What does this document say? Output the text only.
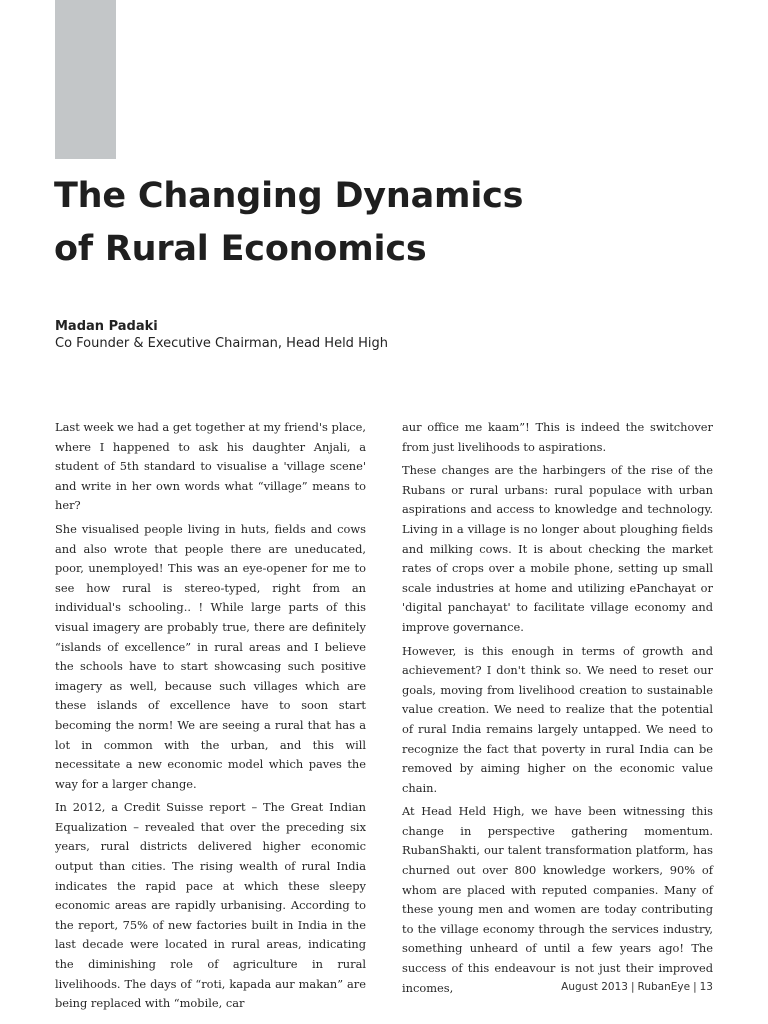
The Changing Dynamics
of Rural Economics
Madan Padaki
Co Founder & Executive Chairman, Head Held High

Last week we had a get together at my friend's place, where I happened to ask his daughter Anjali, a student of 5th standard to visualise a 'village scene' and write in her own words what “village” means to her?

She visualised people living in huts, fields and cows and also wrote that people there are uneducated, poor, unemployed! This was an eye-opener for me to see how rural is stereo-typed, right from an individual's schooling.. ! While large parts of this visual imagery are probably true, there are definitely “islands of excellence” in rural areas and I believe the schools have to start showcasing such positive imagery as well, because such villages which are these islands of excellence have to soon start becoming the norm! We are seeing a rural that has a lot in common with the urban, and this will necessitate a new economic model which paves the way for a larger change.

In 2012, a Credit Suisse report – The Great Indian Equalization – revealed that over the preceding six years, rural districts delivered higher economic output than cities. The rising wealth of rural India indicates the rapid pace at which these sleepy economic areas are rapidly urbanising. According to the report, 75% of new factories built in India in the last decade were located in rural areas, indicating the diminishing role of agriculture in rural livelihoods. The days of “roti, kapada aur makan” are being replaced with “mobile, car

aur office me kaam”! This is indeed the switchover from just livelihoods to aspirations.

These changes are the harbingers of the rise of the Rubans or rural urbans: rural populace with urban aspirations and access to knowledge and technology. Living in a village is no longer about ploughing fields and milking cows. It is about checking the market rates of crops over a mobile phone, setting up small scale industries at home and utilizing ePanchayat or 'digital panchayat' to facilitate village economy and improve governance.

However, is this enough in terms of growth and achievement? I don't think so. We need to reset our goals, moving from livelihood creation to sustainable value creation. We need to realize that the potential of rural India remains largely untapped. We need to recognize the fact that poverty in rural India can be removed by aiming higher on the economic value chain.

At Head Held High, we have been witnessing this change in perspective gathering momentum. RubanShakti, our talent transformation platform, has churned out over 800 knowledge workers, 90% of whom are placed with reputed companies. Many of these young men and women are today contributing to the village economy through the services industry, something unheard of until a few years ago! The success of this endeavour is not just their improved incomes,	August 2013 | RubanEye | 13
